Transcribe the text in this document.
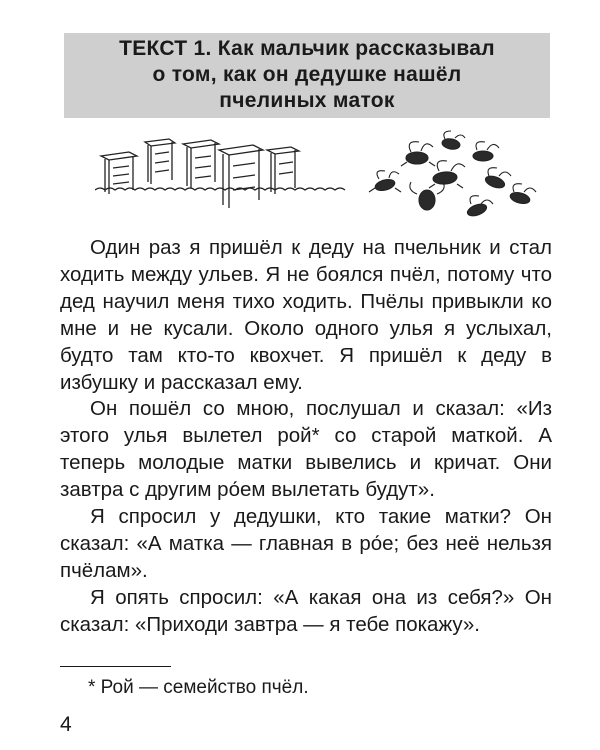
ТЕКСТ 1. Как мальчик рассказывал
о том, как он дедушке нашёл
пчелиных маток

Один раз я пришёл к деду на пчельник и стал ходить между ульев. Я не боялся пчёл, потому что дед научил меня тихо ходить. Пчёлы привыкли ко мне и не кусали. Около одного улья я услыхал, будто там кто-то квохчет. Я пришёл к деду в избушку и рассказал ему.

Он пошёл со мною, послушал и сказал: «Из этого улья вылетел рой* со старой маткой. А теперь молодые матки вывелись и кричат. Они завтра с другим ро́ем вылетать будут».

Я спросил у дедушки, кто такие матки? Он сказал: «А матка — главная в ро́е; без неё нельзя пчёлам».

Я опять спросил: «А какая она из себя?» Он сказал: «Приходи завтра — я тебе покажу».

* Рой — семейство пчёл.
4
